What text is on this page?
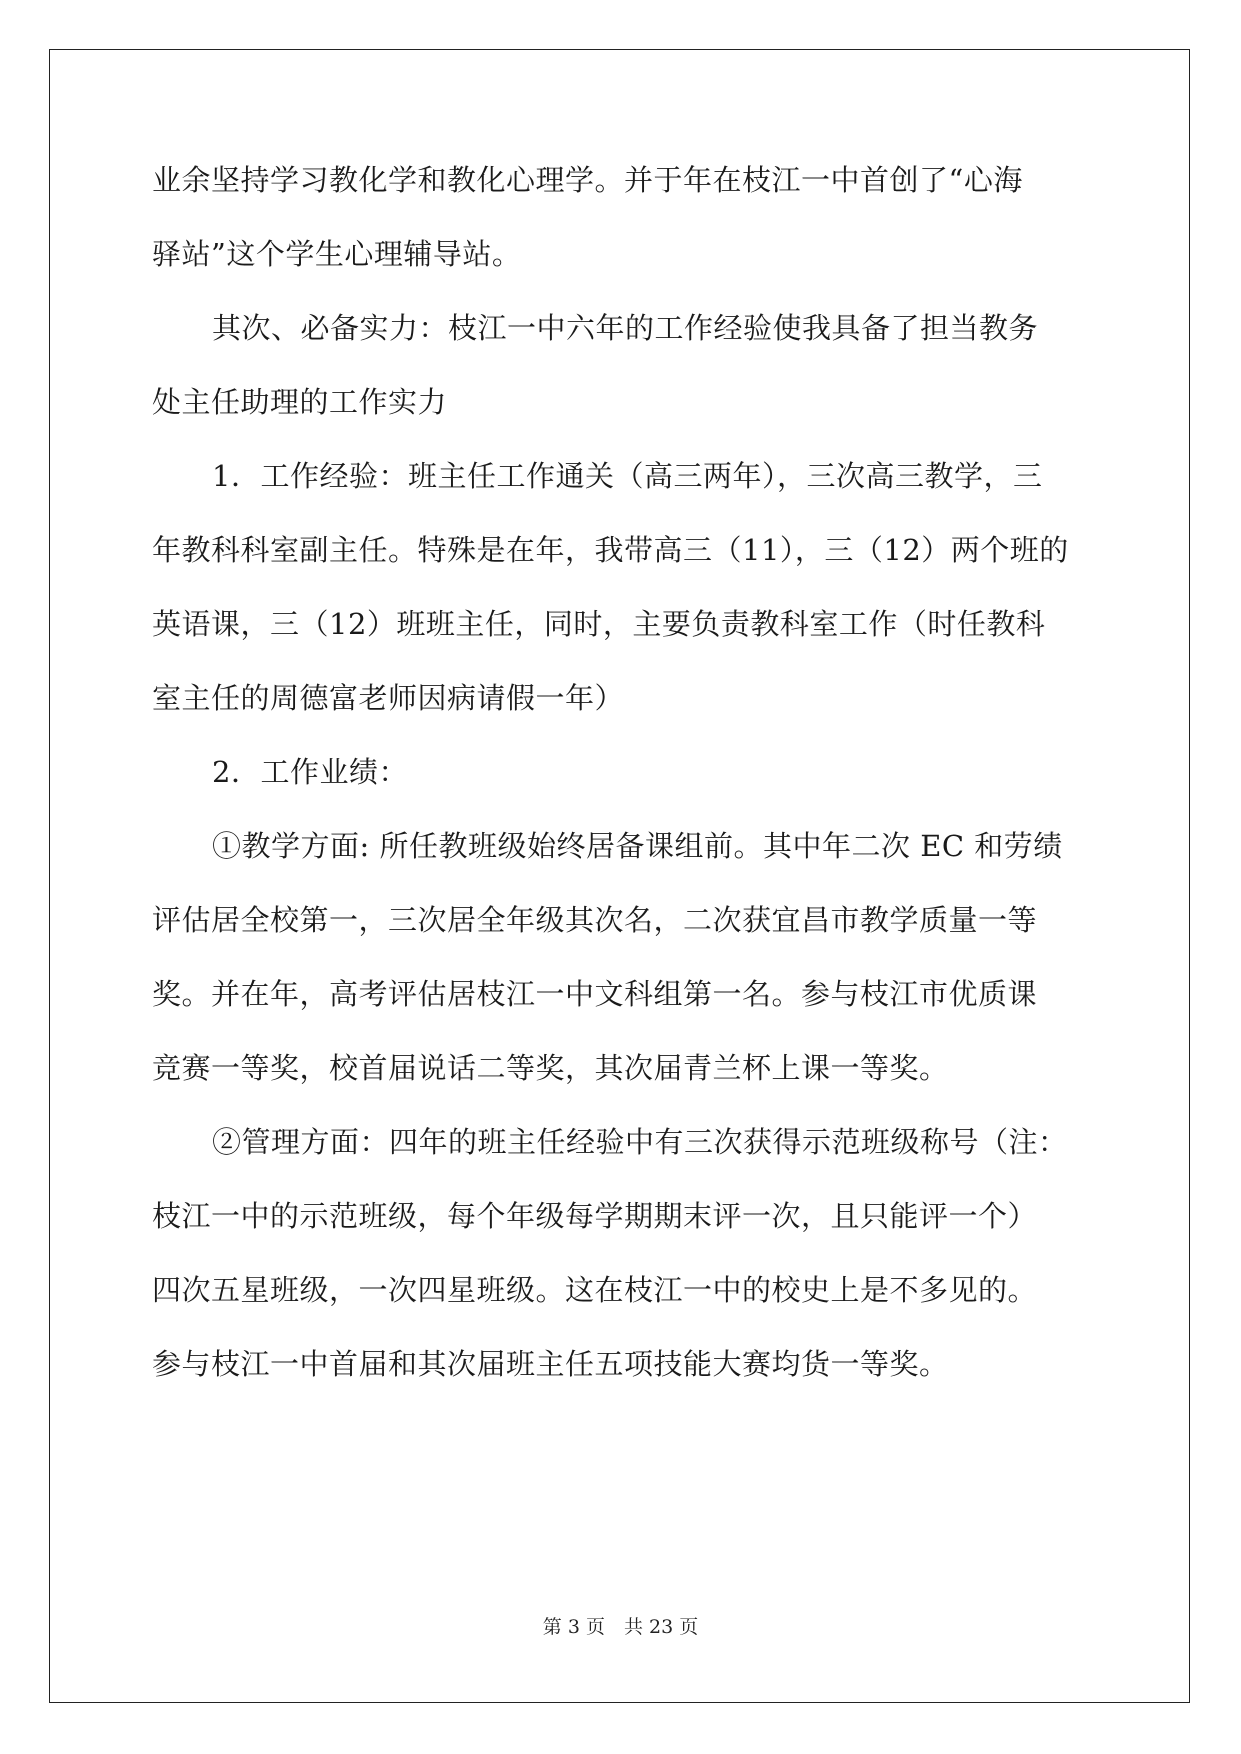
业余坚持学习教化学和教化心理学。并于年在枝江一中首创了“心海
驿站”这个学生心理辅导站。
其次、必备实力：枝江一中六年的工作经验使我具备了担当教务
处主任助理的工作实力
1．工作经验：班主任工作通关（高三两年），三次高三教学，三
年教科科室副主任。特殊是在年，我带高三（11），三（12）两个班的
英语课，三（12）班班主任，同时，主要负责教科室工作（时任教科
室主任的周德富老师因病请假一年）
2．工作业绩：
①教学方面: 所任教班级始终居备课组前。其中年二次 EC 和劳绩
评估居全校第一，三次居全年级其次名，二次获宜昌市教学质量一等
奖。并在年，高考评估居枝江一中文科组第一名。参与枝江市优质课
竞赛一等奖，校首届说话二等奖，其次届青兰杯上课一等奖。
②管理方面：四年的班主任经验中有三次获得示范班级称号（注：
枝江一中的示范班级，每个年级每学期期末评一次，且只能评一个）
四次五星班级，一次四星班级。这在枝江一中的校史上是不多见的。
参与枝江一中首届和其次届班主任五项技能大赛均货一等奖。
第 3 页　共 23 页
